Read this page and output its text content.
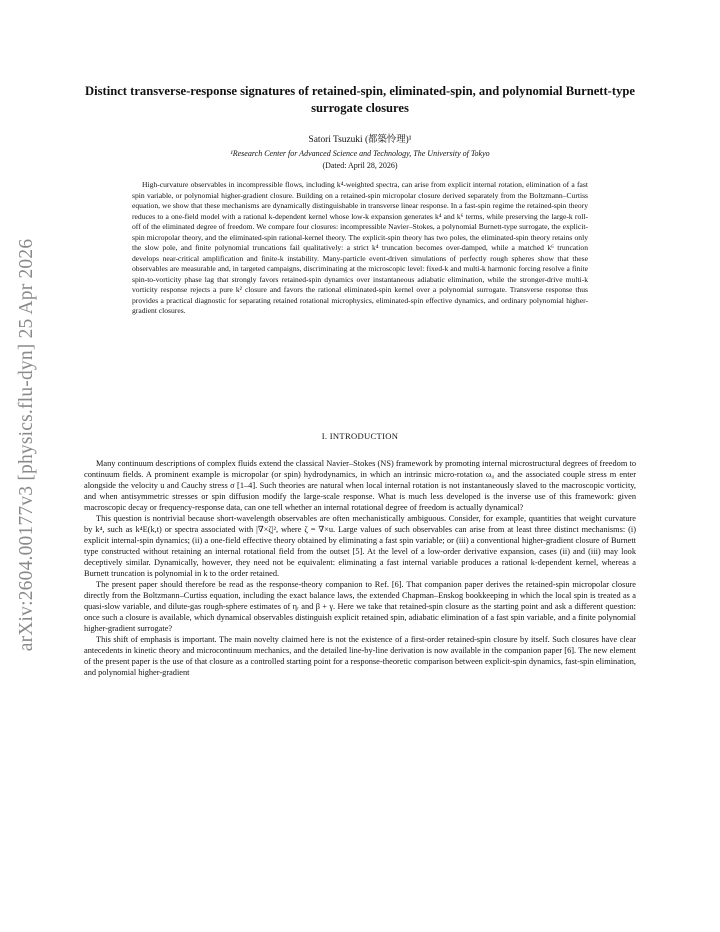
arXiv:2604.00177v3 [physics.flu-dyn] 25 Apr 2026
Distinct transverse-response signatures of retained-spin, eliminated-spin, and polynomial Burnett-type surrogate closures
Satori Tsuzuki (都築怜理)¹
¹Research Center for Advanced Science and Technology, The University of Tokyo
(Dated: April 28, 2026)
High-curvature observables in incompressible flows, including k⁴-weighted spectra, can arise from explicit internal rotation, elimination of a fast spin variable, or polynomial higher-gradient closure. Building on a retained-spin micropolar closure derived separately from the Boltzmann–Curtiss equation, we show that these mechanisms are dynamically distinguishable in transverse linear response. In a fast-spin regime the retained-spin theory reduces to a one-field model with a rational k-dependent kernel whose low-k expansion generates k⁴ and k⁶ terms, while preserving the large-k roll-off of the eliminated degree of freedom. We compare four closures: incompressible Navier–Stokes, a polynomial Burnett-type surrogate, the explicit-spin micropolar theory, and the eliminated-spin rational-kernel theory. The explicit-spin theory has two poles, the eliminated-spin theory retains only the slow pole, and finite polynomial truncations fail qualitatively: a strict k⁴ truncation becomes over-damped, while a matched k⁶ truncation develops near-critical amplification and finite-k instability. Many-particle event-driven simulations of perfectly rough spheres show that these observables are measurable and, in targeted campaigns, discriminating at the microscopic level: fixed-k and multi-k harmonic forcing resolve a finite spin-to-vorticity phase lag that strongly favors retained-spin dynamics over instantaneous adiabatic elimination, while the stronger-drive multi-k vorticity response rejects a pure k² closure and favors the rational eliminated-spin kernel over a polynomial surrogate. Transverse response thus provides a practical diagnostic for separating retained rotational microphysics, eliminated-spin effective dynamics, and ordinary polynomial higher-gradient closures.
I. INTRODUCTION

Many continuum descriptions of complex fluids extend the classical Navier–Stokes (NS) framework by promoting internal microstructural degrees of freedom to continuum fields. A prominent example is micropolar (or spin) hydrodynamics, in which an intrinsic micro-rotation ω₀ and the associated couple stress m enter alongside the velocity u and Cauchy stress σ [1–4]. Such theories are natural when local internal rotation is not instantaneously slaved to the macroscopic vorticity, and when antisymmetric stresses or spin diffusion modify the large-scale response. What is much less developed is the inverse use of this framework: given macroscopic decay or frequency-response data, can one tell whether an internal rotational degree of freedom is actually dynamical?

This question is nontrivial because short-wavelength observables are often mechanistically ambiguous. Consider, for example, quantities that weight curvature by k⁴, such as k⁴E(k,t) or spectra associated with |∇×ζ|², where ζ = ∇×u. Large values of such observables can arise from at least three distinct mechanisms: (i) explicit internal-spin dynamics; (ii) a one-field effective theory obtained by eliminating a fast spin variable; or (iii) a conventional higher-gradient closure of Burnett type constructed without retaining an internal rotational field from the outset [5]. At the level of a low-order derivative expansion, cases (ii) and (iii) may look deceptively similar. Dynamically, however, they need not be equivalent: eliminating a fast internal variable produces a rational k-dependent kernel, whereas a Burnett truncation is polynomial in k to the order retained.

The present paper should therefore be read as the response-theory companion to Ref. [6]. That companion paper derives the retained-spin micropolar closure directly from the Boltzmann–Curtiss equation, including the exact balance laws, the extended Chapman–Enskog bookkeeping in which the local spin is treated as a quasi-slow variable, and dilute-gas rough-sphere estimates of ηᵣ and β + γ. Here we take that retained-spin closure as the starting point and ask a different question: once such a closure is available, which dynamical observables distinguish explicit retained spin, adiabatic elimination of a fast spin variable, and a finite polynomial higher-gradient surrogate?

This shift of emphasis is important. The main novelty claimed here is not the existence of a first-order retained-spin closure by itself. Such closures have clear antecedents in kinetic theory and microcontinuum mechanics, and the detailed line-by-line derivation is now available in the companion paper [6]. The new element of the present paper is the use of that closure as a controlled starting point for a response-theoretic comparison between explicit-spin dynamics, fast-spin elimination, and polynomial higher-gradient
